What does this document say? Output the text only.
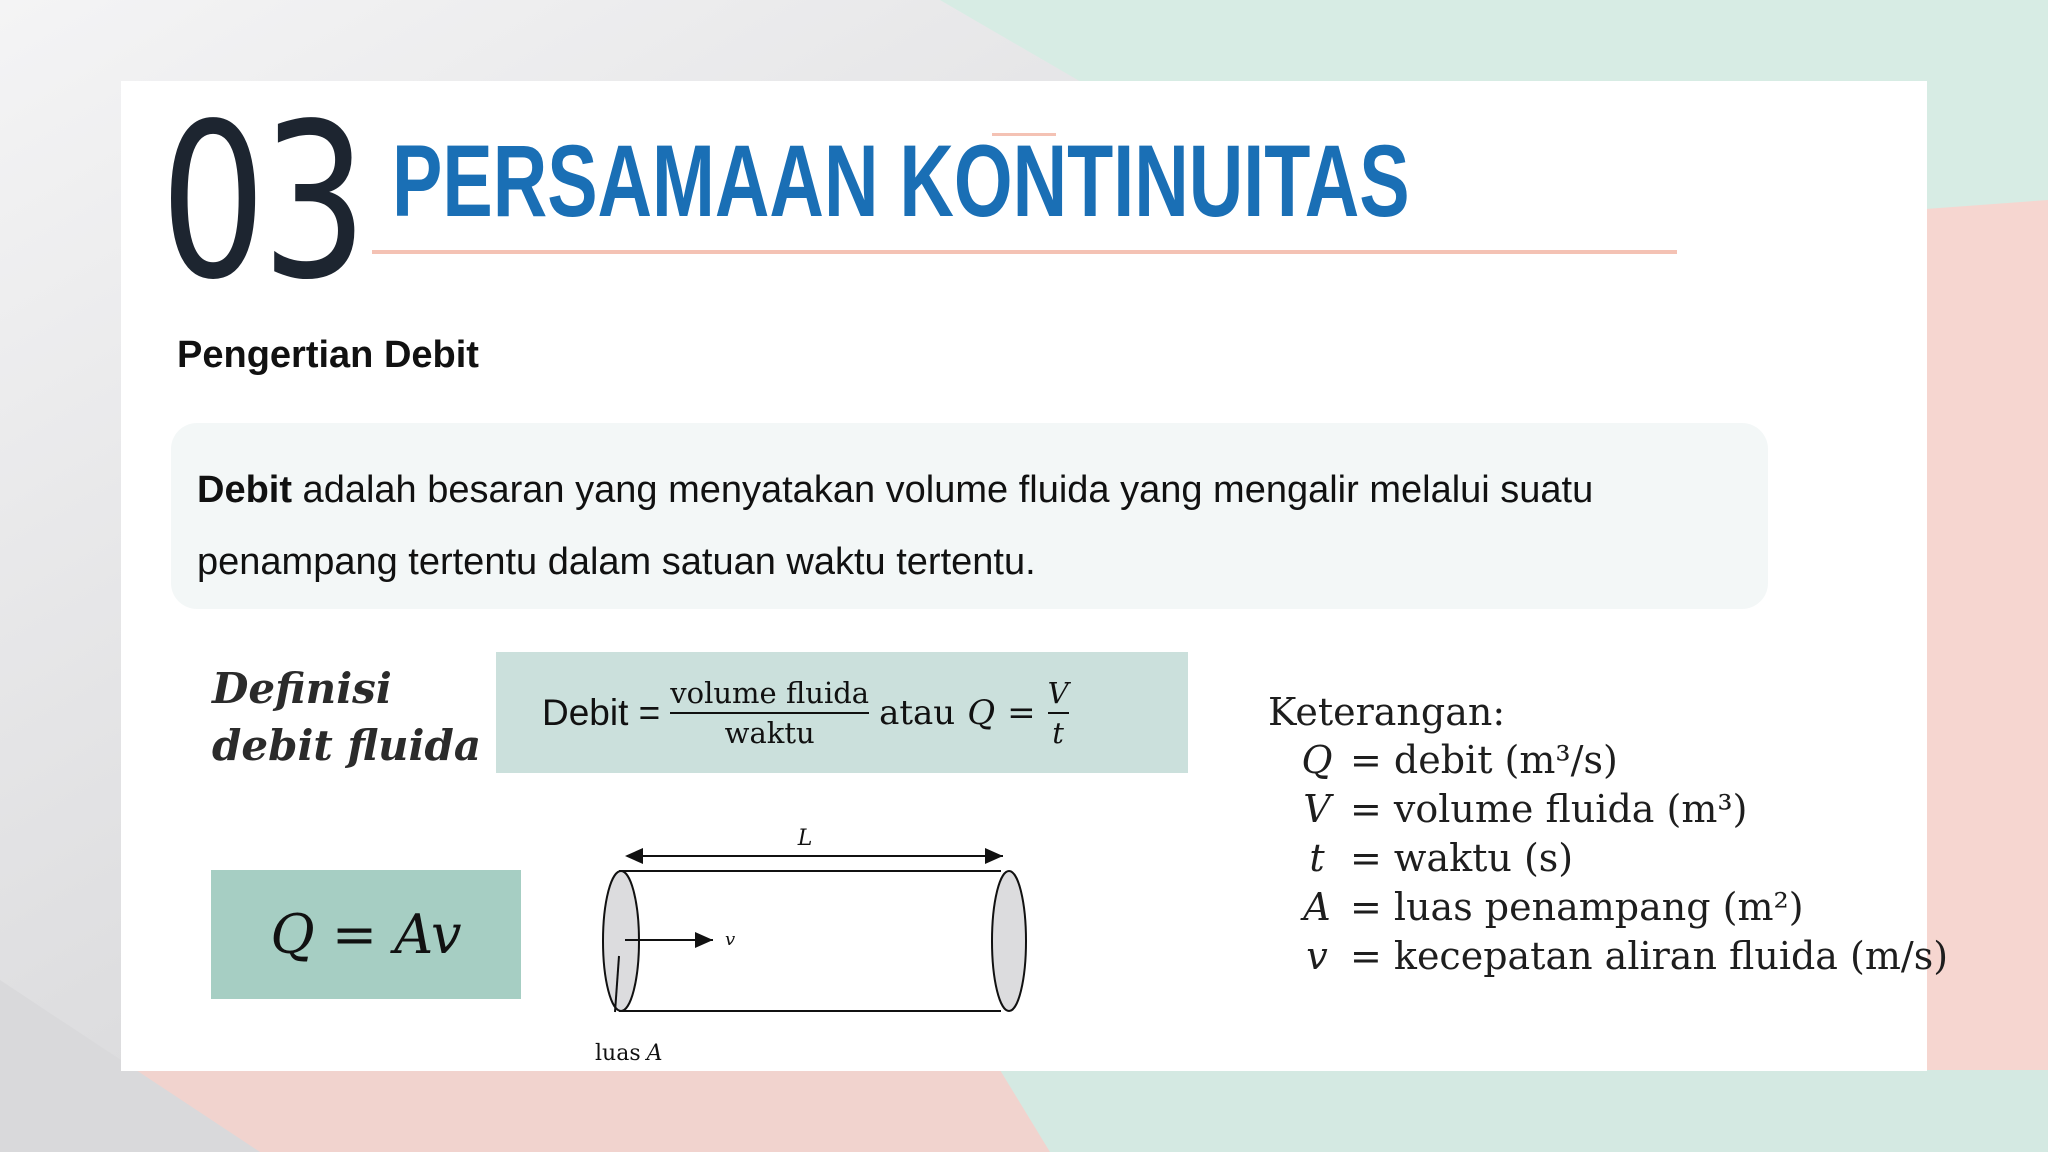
03 PERSAMAAN KONTINUITAS
Pengertian Debit
Debit adalah besaran yang menyatakan volume fluida yang mengalir melalui suatu penampang tertentu dalam satuan waktu tertentu.
Definisi
debit fluida
Debit = $\frac{\text{volume fluida}}{\text{waktu}}$ atau $Q = \frac{V}{t}$
Q = Av
L
v
luas A
Keterangan:
Q = debit (m³/s)
V = volume fluida (m³)
t = waktu (s)
A = luas penampang (m²)
v = kecepatan aliran fluida (m/s)
